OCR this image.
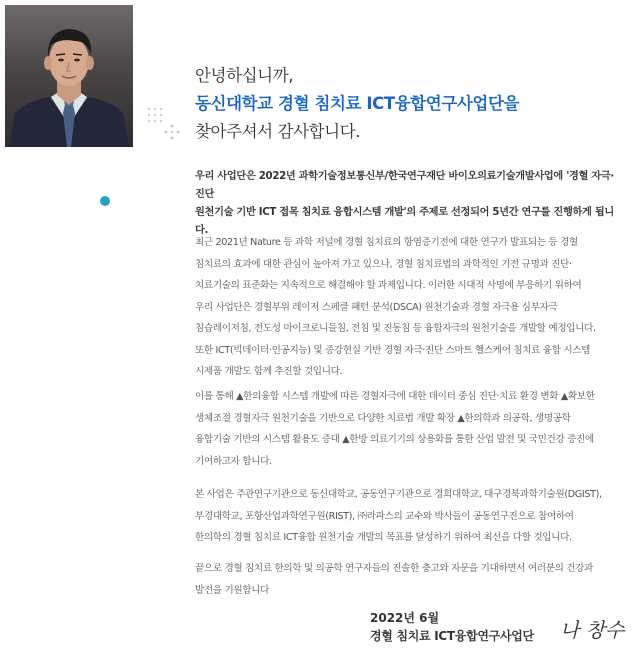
안녕하십니까,
동신대학교 경혈 침치료 ICT융합연구사업단을
찾아주셔서 감사합니다.
우리 사업단은 2022년 과학기술정보통신부/한국연구재단 바이오의료기술개발사업에 '경혈 자극·진단
원천기술 기반 ICT 접목 침치료 융합시스템 개발'의 주제로 선정되어 5년간 연구를 진행하게 됩니다.
최근 2021년 Nature 등 과학 저널에 경혈 침치료의 항염증기전에 대한 연구가 발표되는 등 경혈
침치료의 효과에 대한 관심이 높아져 가고 있으나, 경혈 침치료법의 과학적인 기전 규명과 진단·
치료기술의 표준화는 지속적으로 해결해야 할 과제입니다. 이러한 시대적 사명에 부응하기 위하여
우리 사업단은 경혈부위 레이저 스페클 패턴 분석(DSCA) 원천기술과 경혈 자극용 심부자극
침습레이저침, 전도성 마이크로니들침, 전침 및 진동침 등 융합자극의 원천기술을 개발할 예정입니다.
또한 ICT(빅데이터·인공지능) 및 증강현실 기반 경혈 자극·진단 스마트 헬스케어 침치료 융합 시스템
시제품 개발도 함께 추진할 것입니다.
이를 통해 ▲한의융합 시스템 개발에 따른 경혈자극에 대한 데이터 중심 진단·치료 환경 변화 ▲확보한
생체조절 경혈자극 원천기술을 기반으로 다양한 치료법 개발 확장 ▲한의학과 의공학, 생명공학
융합기술 기반의 시스템 활용도 증대 ▲한방 의료기기의 상용화를 통한 산업 발전 및 국민건강 증진에
기여하고자 합니다.
본 사업은 주관연구기관으로 동신대학교, 공동연구기관으로 경희대학교, 대구경북과학기술원(DGIST),
부경대학교, 포항산업과학연구원(RIST), ㈜라파스의 교수와 박사들이 공동연구진으로 참여하여
한의학의 경혈 침치료 ICT융합 원천기술 개발의 목표를 달성하기 위하여 최선을 다할 것입니다.
끝으로 경혈 침치료 한의학 및 의공학 연구자들의 진솔한 충고와 자문을 기대하면서 여러분의 건강과
발전을 기원합니다
2022년 6월
경혈 침치료 ICT융합연구사업단 나 창수
